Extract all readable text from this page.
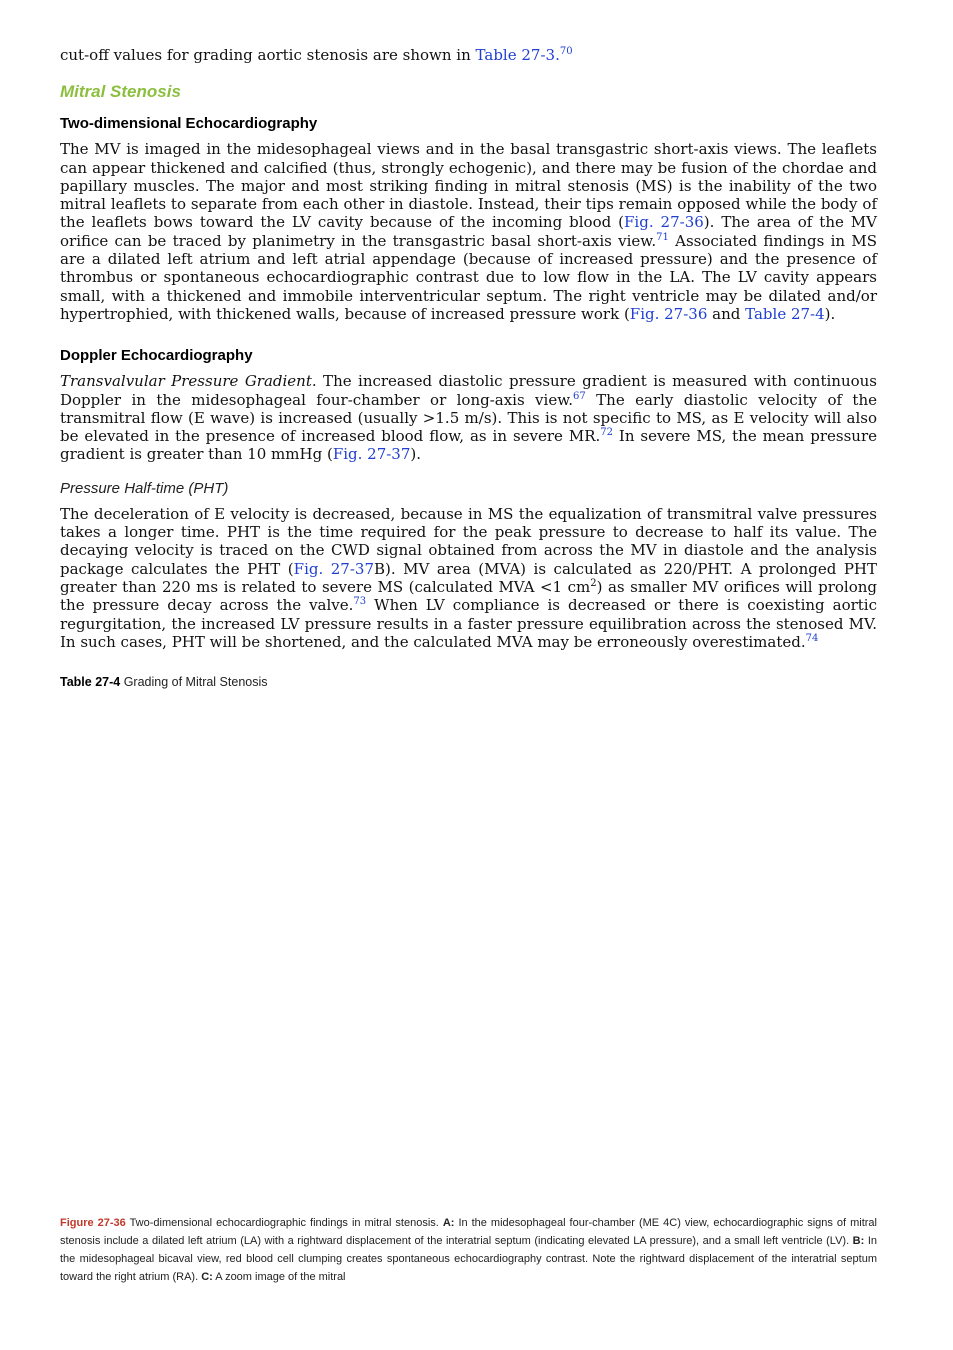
cut-off values for grading aortic stenosis are shown in Table 27-3.70

Mitral Stenosis
Two-dimensional Echocardiography

The MV is imaged in the midesophageal views and in the basal transgastric short-axis views. The leaflets can appear thickened and calcified (thus, strongly echogenic), and there may be fusion of the chordae and papillary muscles. The major and most striking finding in mitral stenosis (MS) is the inability of the two mitral leaflets to separate from each other in diastole. Instead, their tips remain opposed while the body of the leaflets bows toward the LV cavity because of the incoming blood (Fig. 27-36). The area of the MV orifice can be traced by planimetry in the transgastric basal short-axis view.$^{71}$ Associated findings in MS are a dilated left atrium and left atrial appendage (because of increased pressure) and the presence of thrombus or spontaneous echocardiographic contrast due to low flow in the LA. The LV cavity appears small, with a thickened and immobile interventricular septum. The right ventricle may be dilated and/or hypertrophied, with thickened walls, because of increased pressure work (Fig. 27-36 and Table 27-4).

Doppler Echocardiography

Transvalvular Pressure Gradient. The increased diastolic pressure gradient is measured with continuous Doppler in the midesophageal four-chamber or long-axis view.$^{67}$ The early diastolic velocity of the transmitral flow (E wave) is increased (usually >1.5 m/s). This is not specific to MS, as E velocity will also be elevated in the presence of increased blood flow, as in severe MR.$^{72}$ In severe MS, the mean pressure gradient is greater than 10 mmHg (Fig. 27-37).

Pressure Half-time (PHT)

The deceleration of E velocity is decreased, because in MS the equalization of transmitral valve pressures takes a longer time. PHT is the time required for the peak pressure to decrease to half its value. The decaying velocity is traced on the CWD signal obtained from across the MV in diastole and the analysis package calculates the PHT (Fig. 27-37B). MV area (MVA) is calculated as 220/PHT. A prolonged PHT greater than 220 ms is related to severe MS (calculated MVA <1 $cm^2$) as smaller MV orifices will prolong the pressure decay across the valve.$^{73}$ When LV compliance is decreased or there is coexisting aortic regurgitation, the increased LV pressure results in a faster pressure equilibration across the stenosed MV. In such cases, PHT will be shortened, and the calculated MVA may be erroneously overestimated.$^{74}$

Table 27-4 Grading of Mitral Stenosis
Figure 27-36 Two-dimensional echocardiographic findings in mitral stenosis. A: In the midesophageal four-chamber (ME 4C) view, echocardiographic signs of mitral stenosis include a dilated left atrium (LA) with a rightward displacement of the interatrial septum (indicating elevated LA pressure), and a small left ventricle (LV). B: In the midesophageal bicaval view, red blood cell clumping creates spontaneous echocardiography contrast. Note the rightward displacement of the interatrial septum toward the right atrium (RA). C: A zoom image of the mitral
